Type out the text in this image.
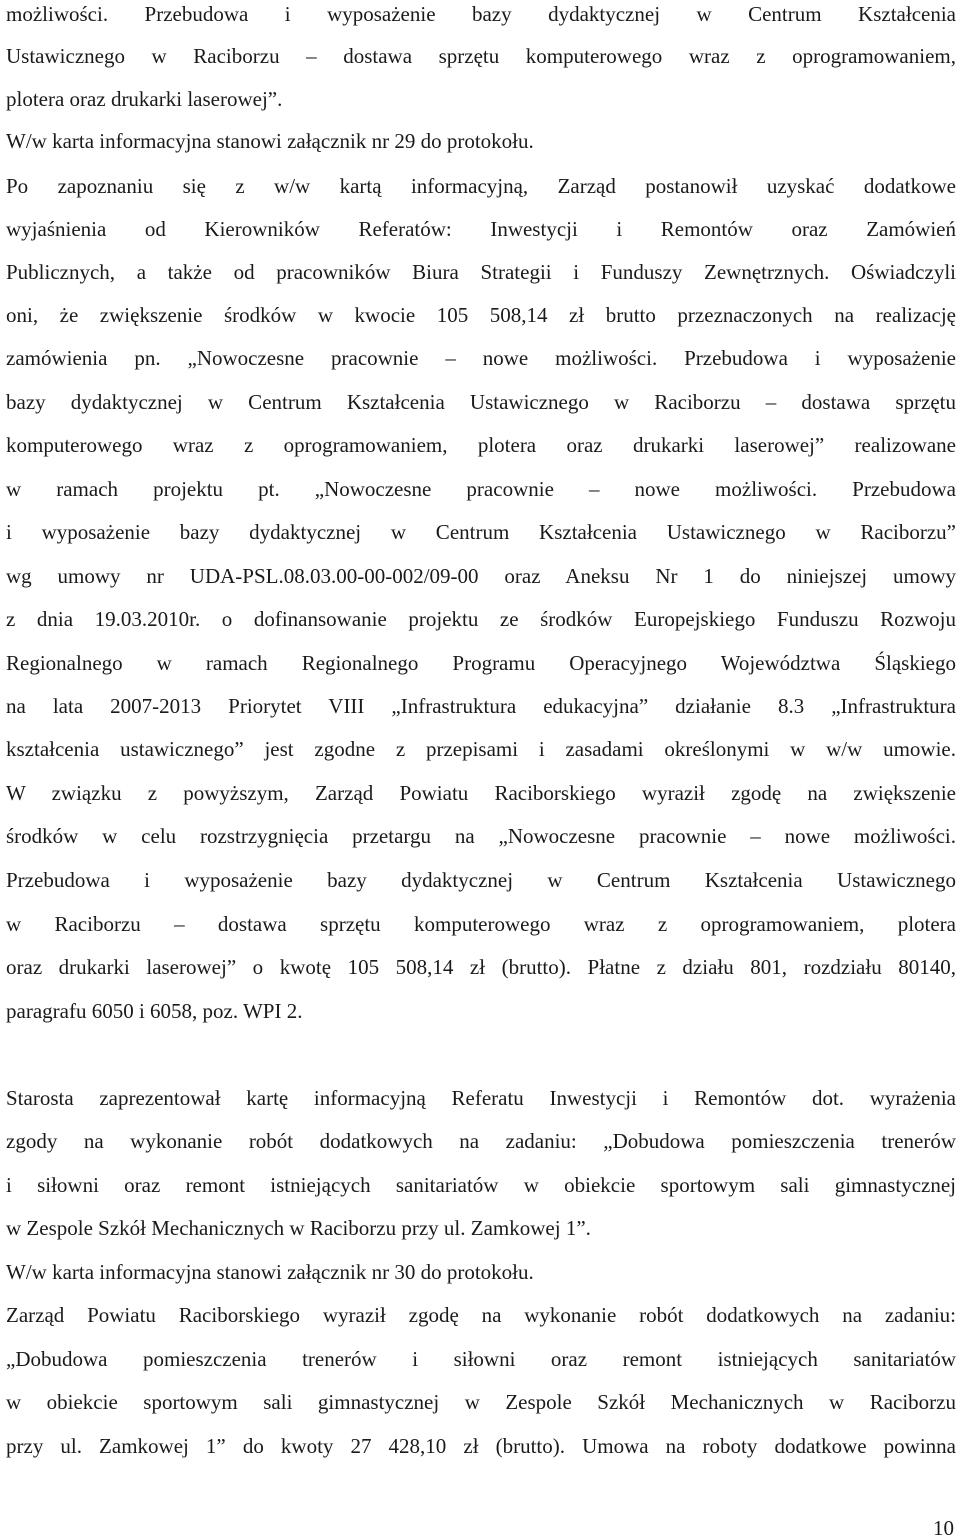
możliwości. Przebudowa i wyposażenie bazy dydaktycznej w Centrum Kształcenia
Ustawicznego w Raciborzu – dostawa sprzętu komputerowego wraz z oprogramowaniem,
plotera oraz drukarki laserowej”.
W/w karta informacyjna stanowi załącznik nr 29 do protokołu.
Po zapoznaniu się z w/w kartą informacyjną, Zarząd postanowił uzyskać dodatkowe
wyjaśnienia od Kierowników Referatów: Inwestycji i Remontów oraz Zamówień
Publicznych, a także od pracowników Biura Strategii i Funduszy Zewnętrznych. Oświadczyli
oni, że zwiększenie środków w kwocie 105 508,14 zł brutto przeznaczonych na realizację
zamówienia pn. „Nowoczesne pracownie – nowe możliwości. Przebudowa i wyposażenie
bazy dydaktycznej w Centrum Kształcenia Ustawicznego w Raciborzu – dostawa sprzętu
komputerowego wraz z oprogramowaniem, plotera oraz drukarki laserowej” realizowane
w ramach projektu pt. „Nowoczesne pracownie – nowe możliwości. Przebudowa
i wyposażenie bazy dydaktycznej w Centrum Kształcenia Ustawicznego w Raciborzu”
wg umowy nr UDA-PSL.08.03.00-00-002/09-00 oraz Aneksu Nr 1 do niniejszej umowy
z dnia 19.03.2010r. o dofinansowanie projektu ze środków Europejskiego Funduszu Rozwoju
Regionalnego w ramach Regionalnego Programu Operacyjnego Województwa Śląskiego
na lata 2007-2013 Priorytet VIII „Infrastruktura edukacyjna” działanie 8.3 „Infrastruktura
kształcenia ustawicznego” jest zgodne z przepisami i zasadami określonymi w w/w umowie.
W związku z powyższym, Zarząd Powiatu Raciborskiego wyraził zgodę na zwiększenie
środków w celu rozstrzygnięcia przetargu na „Nowoczesne pracownie – nowe możliwości.
Przebudowa i wyposażenie bazy dydaktycznej w Centrum Kształcenia Ustawicznego
w Raciborzu – dostawa sprzętu komputerowego wraz z oprogramowaniem, plotera
oraz drukarki laserowej” o kwotę 105 508,14 zł (brutto). Płatne z działu 801, rozdziału 80140,
paragrafu 6050 i 6058, poz. WPI 2.
Starosta zaprezentował kartę informacyjną Referatu Inwestycji i Remontów dot. wyrażenia
zgody na wykonanie robót dodatkowych na zadaniu: „Dobudowa pomieszczenia trenerów
i siłowni oraz remont istniejących sanitariatów w obiekcie sportowym sali gimnastycznej
w Zespole Szkół Mechanicznych w Raciborzu przy ul. Zamkowej 1”.
W/w karta informacyjna stanowi załącznik nr 30 do protokołu.
Zarząd Powiatu Raciborskiego wyraził zgodę na wykonanie robót dodatkowych na zadaniu:
„Dobudowa pomieszczenia trenerów i siłowni oraz remont istniejących sanitariatów
w obiekcie sportowym sali gimnastycznej w Zespole Szkół Mechanicznych w Raciborzu
przy ul. Zamkowej 1” do kwoty 27 428,10 zł (brutto). Umowa na roboty dodatkowe powinna
10
